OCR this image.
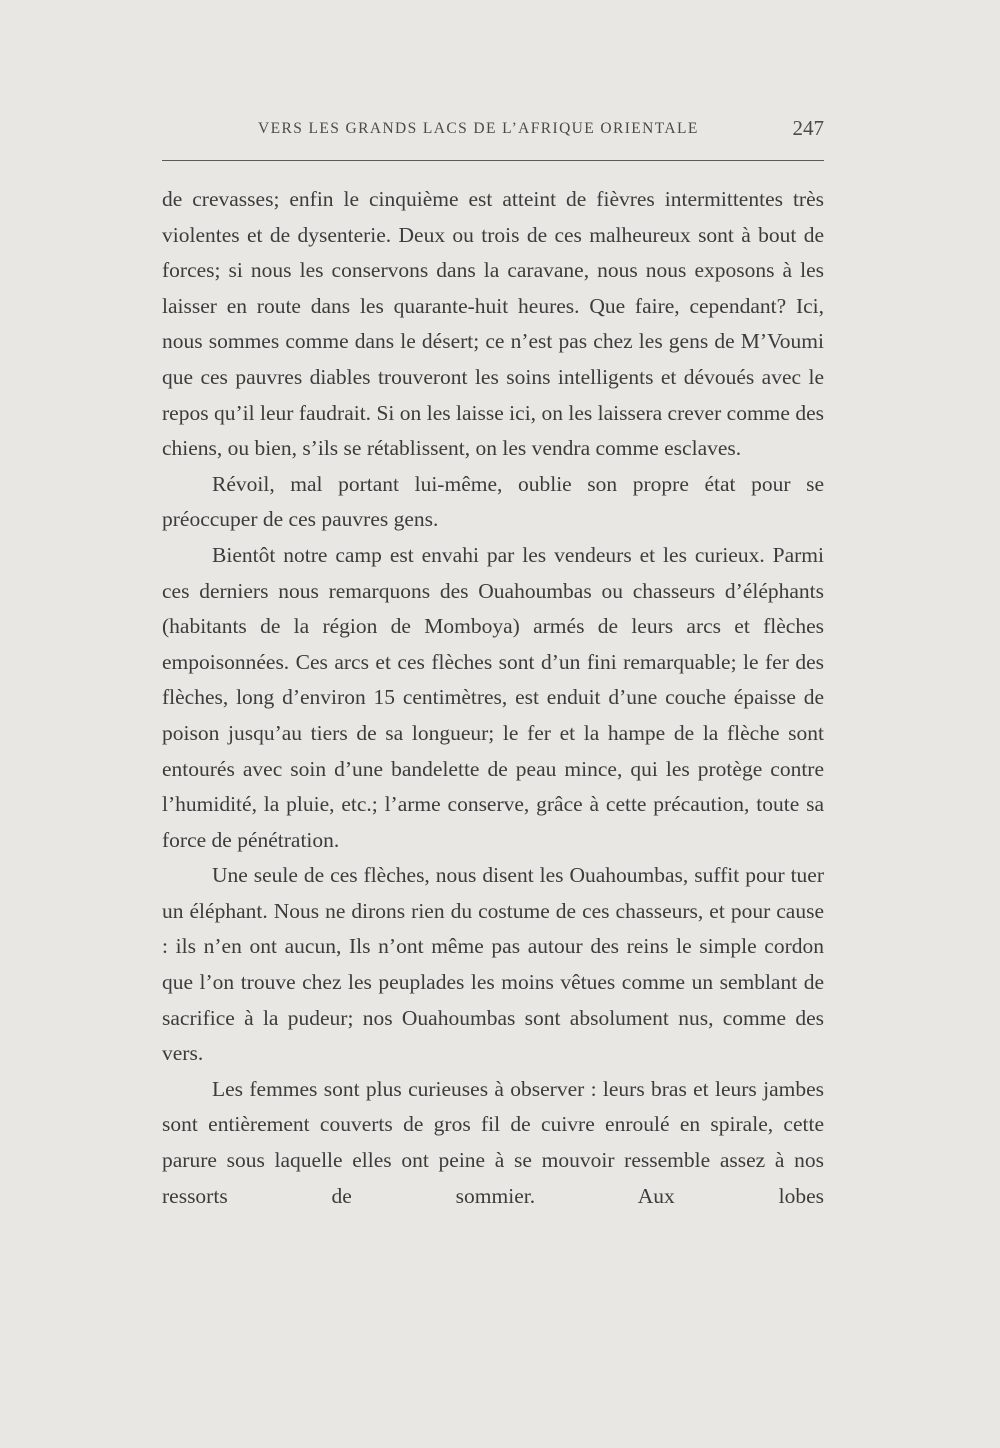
VERS LES GRANDS LACS DE L’AFRIQUE ORIENTALE	247

de crevasses; enfin le cinquième est atteint de fièvres intermittentes très violentes et de dysenterie. Deux ou trois de ces malheureux sont à bout de forces; si nous les conservons dans la caravane, nous nous exposons à les laisser en route dans les quarante-huit heures. Que faire, cependant? Ici, nous sommes comme dans le désert; ce n’est pas chez les gens de M’Voumi que ces pauvres diables trouveront les soins intelligents et dévoués avec le repos qu’il leur faudrait. Si on les laisse ici, on les laissera crever comme des chiens, ou bien, s’ils se rétablissent, on les vendra comme esclaves.

Révoil, mal portant lui-même, oublie son propre état pour se préoccuper de ces pauvres gens.

Bientôt notre camp est envahi par les vendeurs et les curieux. Parmi ces derniers nous remarquons des Ouahoumbas ou chasseurs d’éléphants (habitants de la région de Momboya) armés de leurs arcs et flèches empoisonnées. Ces arcs et ces flèches sont d’un fini remarquable; le fer des flèches, long d’environ 15 centimètres, est enduit d’une couche épaisse de poison jusqu’au tiers de sa longueur; le fer et la hampe de la flèche sont entourés avec soin d’une bandelette de peau mince, qui les protège contre l’humidité, la pluie, etc.; l’arme conserve, grâce à cette précaution, toute sa force de pénétration.

Une seule de ces flèches, nous disent les Ouahoumbas, suffit pour tuer un éléphant. Nous ne dirons rien du costume de ces chasseurs, et pour cause : ils n’en ont aucun, Ils n’ont même pas autour des reins le simple cordon que l’on trouve chez les peuplades les moins vêtues comme un semblant de sacrifice à la pudeur; nos Ouahoumbas sont absolument nus, comme des vers.

Les femmes sont plus curieuses à observer : leurs bras et leurs jambes sont entièrement couverts de gros fil de cuivre enroulé en spirale, cette parure sous laquelle elles ont peine à se mouvoir ressemble assez à nos ressorts de sommier. Aux lobes
